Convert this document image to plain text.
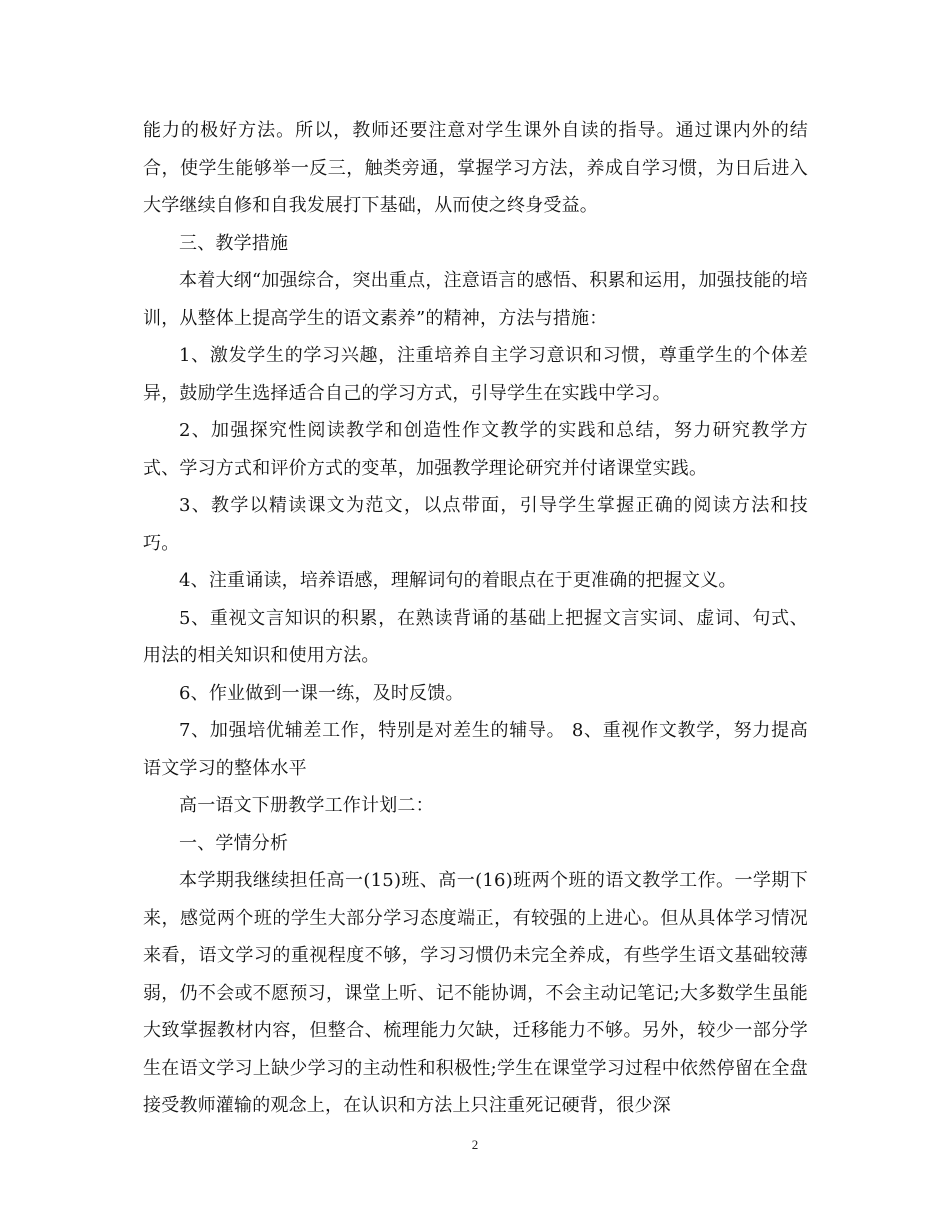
能力的极好方法。所以，教师还要注意对学生课外自读的指导。通过课内外的结合，使学生能够举一反三，触类旁通，掌握学习方法，养成自学习惯，为日后进入大学继续自修和自我发展打下基础，从而使之终身受益。

三、教学措施

本着大纲“加强综合，突出重点，注意语言的感悟、积累和运用，加强技能的培训，从整体上提高学生的语文素养”的精神，方法与措施：

1、激发学生的学习兴趣，注重培养自主学习意识和习惯，尊重学生的个体差异，鼓励学生选择适合自己的学习方式，引导学生在实践中学习。

2、加强探究性阅读教学和创造性作文教学的实践和总结，努力研究教学方式、学习方式和评价方式的变革，加强教学理论研究并付诸课堂实践。

3、教学以精读课文为范文，以点带面，引导学生掌握正确的阅读方法和技巧。

4、注重诵读，培养语感，理解词句的着眼点在于更准确的把握文义。

5、重视文言知识的积累，在熟读背诵的基础上把握文言实词、虚词、句式、用法的相关知识和使用方法。

6、作业做到一课一练，及时反馈。

7、加强培优辅差工作，特别是对差生的辅导。 8、重视作文教学，努力提高语文学习的整体水平

高一语文下册教学工作计划二：

一、学情分析

本学期我继续担任高一(15)班、高一(16)班两个班的语文教学工作。一学期下来，感觉两个班的学生大部分学习态度端正，有较强的上进心。但从具体学习情况来看，语文学习的重视程度不够，学习习惯仍未完全养成，有些学生语文基础较薄弱，仍不会或不愿预习，课堂上听、记不能协调，不会主动记笔记;大多数学生虽能大致掌握教材内容，但整合、梳理能力欠缺，迁移能力不够。另外，较少一部分学生在语文学习上缺少学习的主动性和积极性;学生在课堂学习过程中依然停留在全盘接受教师灌输的观念上，在认识和方法上只注重死记硬背，很少深

2
